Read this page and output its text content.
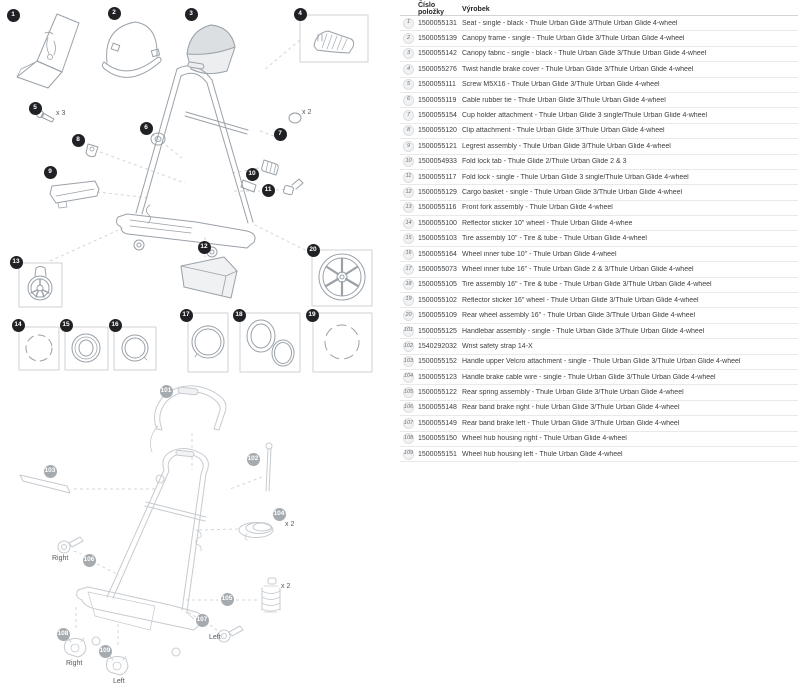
1	2	3	4
5
6
7
8
9	10
11
12
13
14	15	16
17	18	19
20
101
102
103
104
105
106
107
108
109
x 3	x 2
x 2
x 2
Right
Left
Right
Left
Číslo položky	Výrobek
1	1500055131 Seat - single - black - Thule Urban Glide 3/Thule Urban Glide 4-wheel
2	1500055139 Canopy frame - single - Thule Urban Glide 3/Thule Urban Glide 4-wheel
3	1500055142 Canopy fabric - single - black - Thule Urban Glide 3/Thule Urban Glide 4-wheel
4	1500055276 Twist handle brake cover - Thule Urban Glide 3/Thule Urban Glide 4-wheel
5	1500055111 Screw M5X16 - Thule Urban Glide 3/Thule Urban Glide 4-wheel
6	1500055119 Cable rubber tie - Thule Urban Glide 3/Thule Urban Glide 4-wheel
7	1500055154 Cup holder attachment - Thule Urban Glide 3 single/Thule Urban Glide 4-wheel
8	1500055120 Clip attachment - Thule Urban Glide 3/Thule Urban Glide 4-wheel
9	1500055121 Legrest assembly - Thule Urban Glide 3/Thule Urban Glide 4-wheel
10 1500054933 Fold lock tab - Thule Glide 2/Thule Urban Glide 2 & 3
11 1500055117 Fold lock - single - Thule Urban Glide 3 single/Thule Urban Glide 4-wheel
12 1500055129 Cargo basket - single - Thule Urban Glide 3/Thule Urban Glide 4-wheel
13 1500055116 Front fork assembly - Thule Urban Glide 4-wheel
14 1500055100 Reflector sticker 10" wheel - Thule Urban Glide 4-whee
15 1500055103 Tire assembly 10" - Tire & tube - Thule Urban Glide 4-wheel
16 1500055164 Wheel inner tube 10" - Thule Urban Glide 4-wheel
17 1500055073 Wheel inner tube 16" - Thule Urban Glide 2 & 3/Thule Urban Glide 4-wheel
18 1500055105 Tire assembly 16" - Tire & tube - Thule Urban Glide 3/Thule Urban Glide 4-wheel
19 1500055102 Reflector sticker 16" wheel - Thule Urban Glide 3/Thule Urban Glide 4-wheel
20 1500055109 Rear wheel assembly 16" - Thule Urban Glide 3/Thule Urban Glide 4-wheel
101 1500055125 Handlebar assembly - single - Thule Urban Glide 3/Thule Urban Glide 4-wheel
102 1540292032 Wrist safety strap 14-X
103 1500055152 Handle upper Velcro attachment - single - Thule Urban Glide 3/Thule Urban Glide 4-wheel
104 1500055123 Handle brake cable wire - single - Thule Urban Glide 3/Thule Urban Glide 4-wheel
105 1500055122 Rear spring assembly - Thule Urban Glide 3/Thule Urban Glide 4-wheel
106 1500055148 Rear band brake right - hule Urban Glide 3/Thule Urban Glide 4-wheel
107 1500055149 Rear band brake left - Thule Urban Glide 3/Thule Urban Glide 4-wheel
108 1500055150 Wheel hub housing right - Thule Urban Glide 4-wheel
109 1500055151 Wheel hub housing left - Thule Urban Glide 4-wheel
